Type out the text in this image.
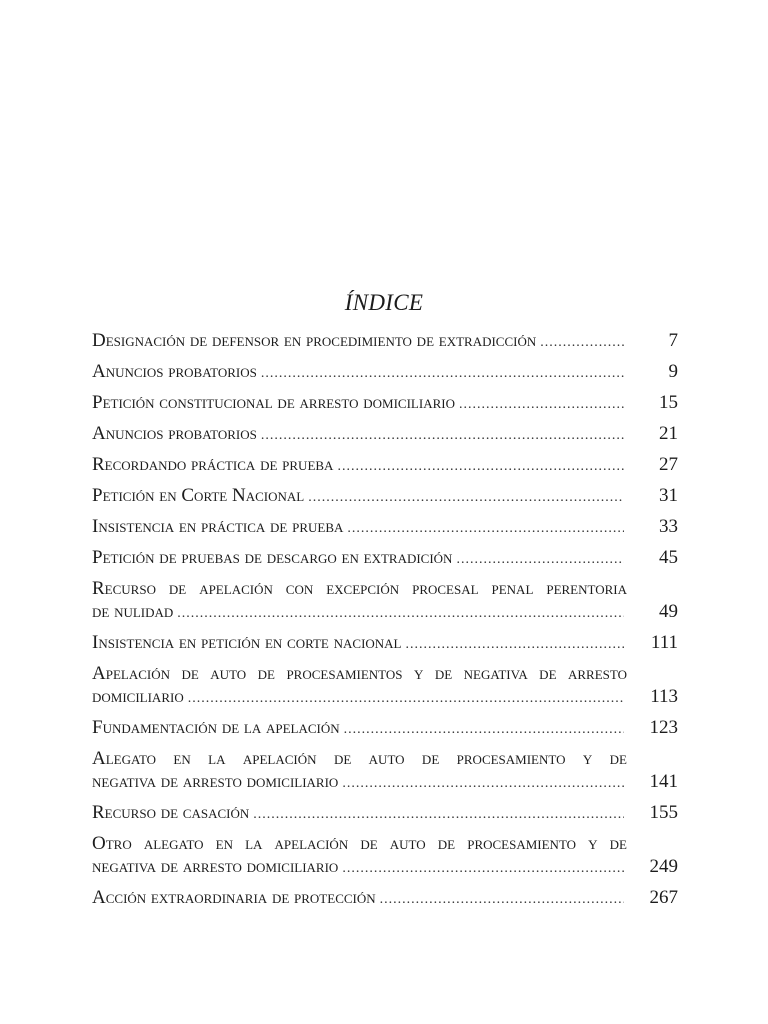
ÍNDICE
Designación de defensor en procedimiento de extradicción .....	7
Anuncios probatorios .....	9
Petición constitucional de arresto domiciliario .....	15
Anuncios probatorios .....	21
Recordando práctica de prueba .....	27
Petición en Corte Nacional .....	31
Insistencia en práctica de prueba .....	33
Petición de pruebas de descargo en extradición .....	45
Recurso de apelación con excepción procesal penal perentoria
de nulidad .....	49
Insistencia en petición en corte nacional .....	111
Apelación de auto de procesamientos y de negativa de arresto
domiciliario .....	113
Fundamentación de la apelación .....	123
Alegato en la apelación de auto de procesamiento y de
negativa de arresto domiciliario .....	141
Recurso de casación .....	155
Otro alegato en la apelación de auto de procesamiento y de
negativa de arresto domiciliario .....	249
Acción extraordinaria de protección .....	267
